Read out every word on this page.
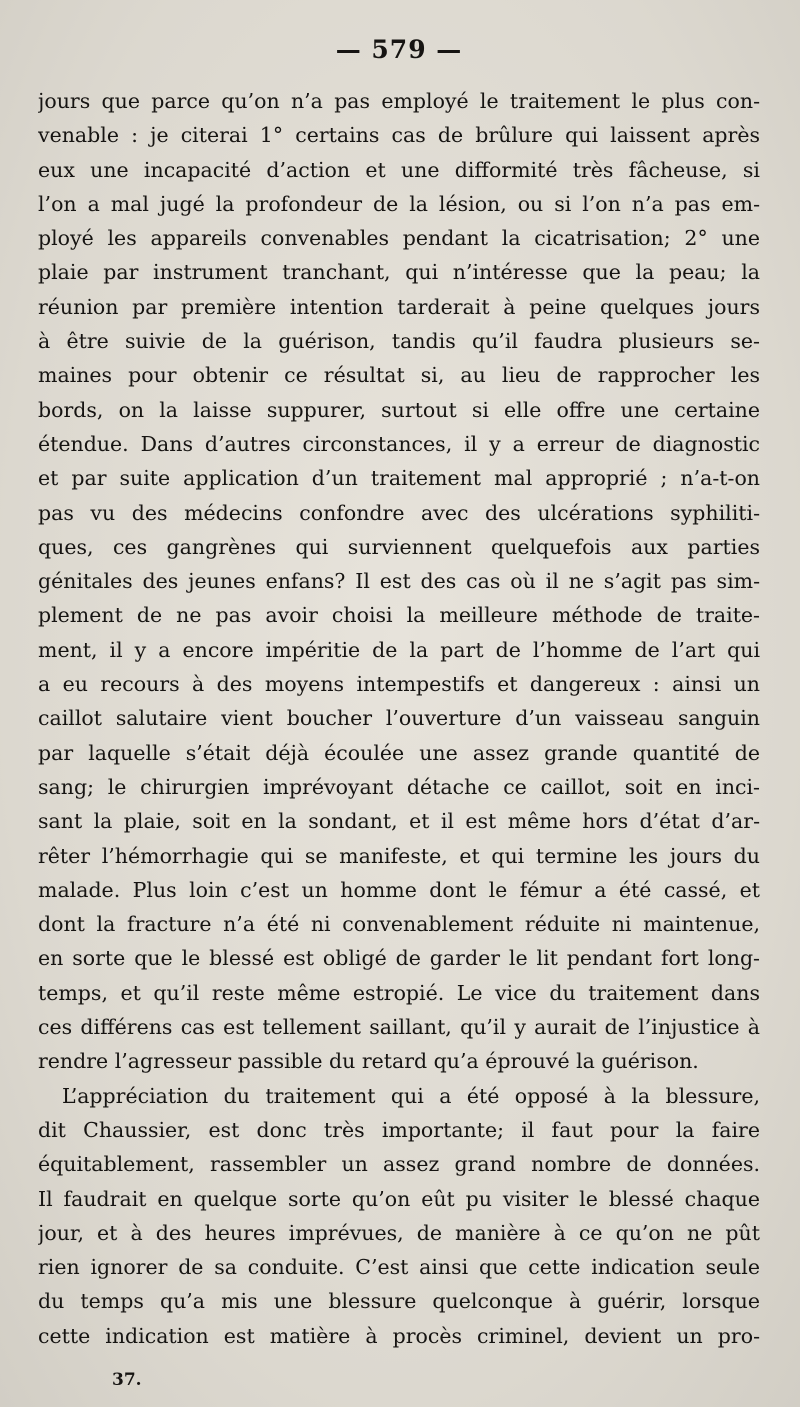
— 579 —
jours que parce qu’on n’a pas employé le traitement le plus con-
venable : je citerai 1° certains cas de brûlure qui laissent après
eux une incapacité d’action et une difformité très fâcheuse, si
l’on a mal jugé la profondeur de la lésion, ou si l’on n’a pas em-
ployé les appareils convenables pendant la cicatrisation; 2° une
plaie par instrument tranchant, qui n’intéresse que la peau; la
réunion par première intention tarderait à peine quelques jours
à être suivie de la guérison, tandis qu’il faudra plusieurs se-
maines pour obtenir ce résultat si, au lieu de rapprocher les
bords, on la laisse suppurer, surtout si elle offre une certaine
étendue. Dans d’autres circonstances, il y a erreur de diagnostic
et par suite application d’un traitement mal approprié ; n’a-t-on
pas vu des médecins confondre avec des ulcérations syphiliti-
ques, ces gangrènes qui surviennent quelquefois aux parties
génitales des jeunes enfans? Il est des cas où il ne s’agit pas sim-
plement de ne pas avoir choisi la meilleure méthode de traite-
ment, il y a encore impéritie de la part de l’homme de l’art qui
a eu recours à des moyens intempestifs et dangereux : ainsi un
caillot salutaire vient boucher l’ouverture d’un vaisseau sanguin
par laquelle s’était déjà écoulée une assez grande quantité de
sang; le chirurgien imprévoyant détache ce caillot, soit en inci-
sant la plaie, soit en la sondant, et il est même hors d’état d’ar-
rêter l’hémorrhagie qui se manifeste, et qui termine les jours du
malade. Plus loin c’est un homme dont le fémur a été cassé, et
dont la fracture n’a été ni convenablement réduite ni maintenue,
en sorte que le blessé est obligé de garder le lit pendant fort long-
temps, et qu’il reste même estropié. Le vice du traitement dans
ces différens cas est tellement saillant, qu’il y aurait de l’injustice à
rendre l’agresseur passible du retard qu’a éprouvé la guérison.
L’appréciation du traitement qui a été opposé à la blessure,
dit Chaussier, est donc très importante; il faut pour la faire
équitablement, rassembler un assez grand nombre de données.
Il faudrait en quelque sorte qu’on eût pu visiter le blessé chaque
jour, et à des heures imprévues, de manière à ce qu’on ne pût
rien ignorer de sa conduite. C’est ainsi que cette indication seule
du temps qu’a mis une blessure quelconque à guérir, lorsque
cette indication est matière à procès criminel, devient un pro-
37.
